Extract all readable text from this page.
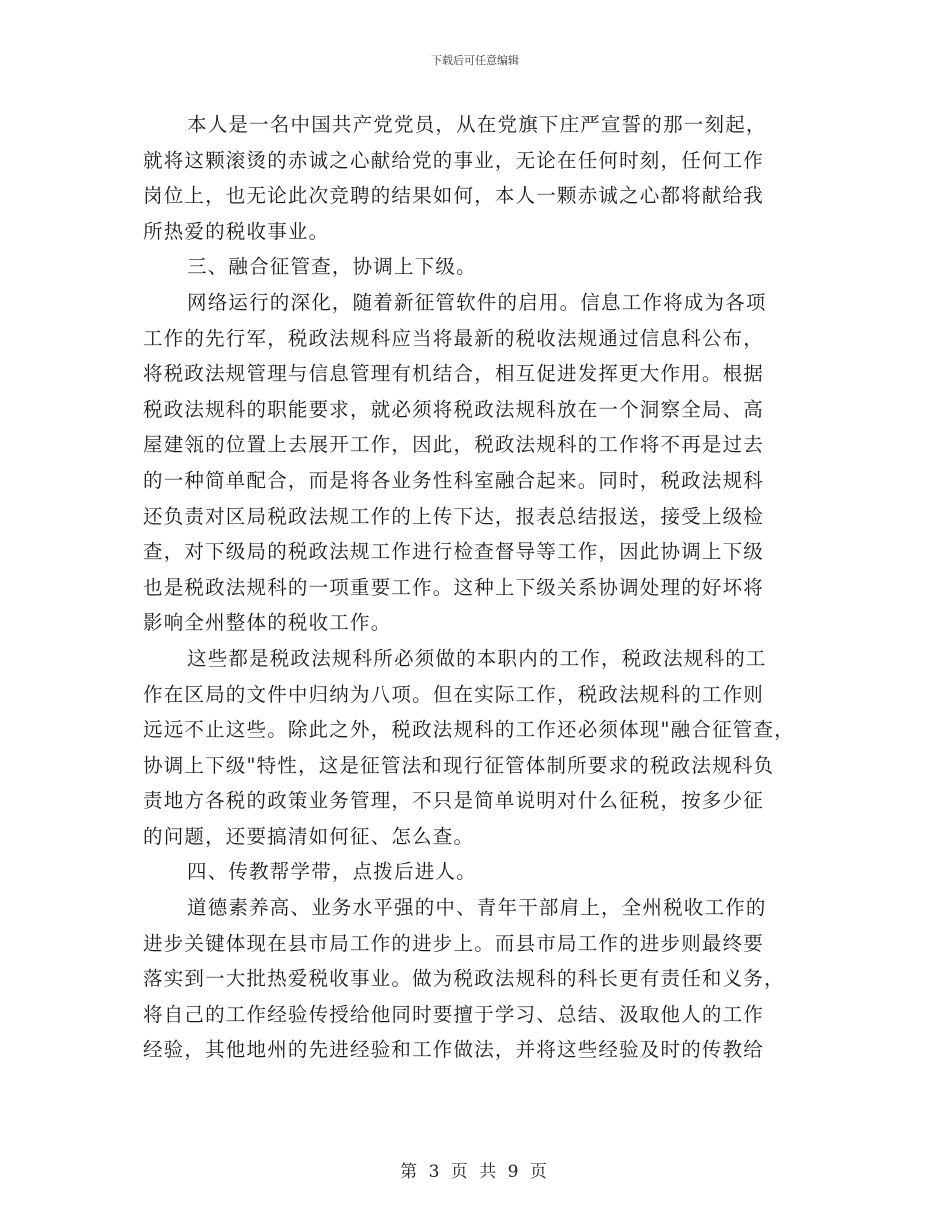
下载后可任意编辑
本人是一名中国共产党党员，从在党旗下庄严宣誓的那一刻起，
就将这颗滚烫的赤诚之心献给党的事业，无论在任何时刻，任何工作
岗位上，也无论此次竞聘的结果如何，本人一颗赤诚之心都将献给我
所热爱的税收事业。
三、融合征管查，协调上下级。
网络运行的深化，随着新征管软件的启用。信息工作将成为各项
工作的先行军，税政法规科应当将最新的税收法规通过信息科公布，
将税政法规管理与信息管理有机结合，相互促进发挥更大作用。根据
税政法规科的职能要求，就必须将税政法规科放在一个洞察全局、高
屋建瓴的位置上去展开工作，因此，税政法规科的工作将不再是过去
的一种简单配合，而是将各业务性科室融合起来。同时，税政法规科
还负责对区局税政法规工作的上传下达，报表总结报送，接受上级检
查，对下级局的税政法规工作进行检查督导等工作，因此协调上下级
也是税政法规科的一项重要工作。这种上下级关系协调处理的好坏将
影响全州整体的税收工作。
这些都是税政法规科所必须做的本职内的工作，税政法规科的工
作在区局的文件中归纳为八项。但在实际工作，税政法规科的工作则
远远不止这些。除此之外，税政法规科的工作还必须体现"融合征管查，
协调上下级"特性，这是征管法和现行征管体制所要求的税政法规科负
责地方各税的政策业务管理，不只是简单说明对什么征税，按多少征
的问题，还要搞清如何征、怎么查。
四、传教帮学带，点拨后进人。
道德素养高、业务水平强的中、青年干部肩上，全州税收工作的
进步关键体现在县市局工作的进步上。而县市局工作的进步则最终要
落实到一大批热爱税收事业。做为税政法规科的科长更有责任和义务，
将自己的工作经验传授给他同时要擅于学习、总结、汲取他人的工作
经验，其他地州的先进经验和工作做法，并将这些经验及时的传教给
第 3 页 共 9 页
